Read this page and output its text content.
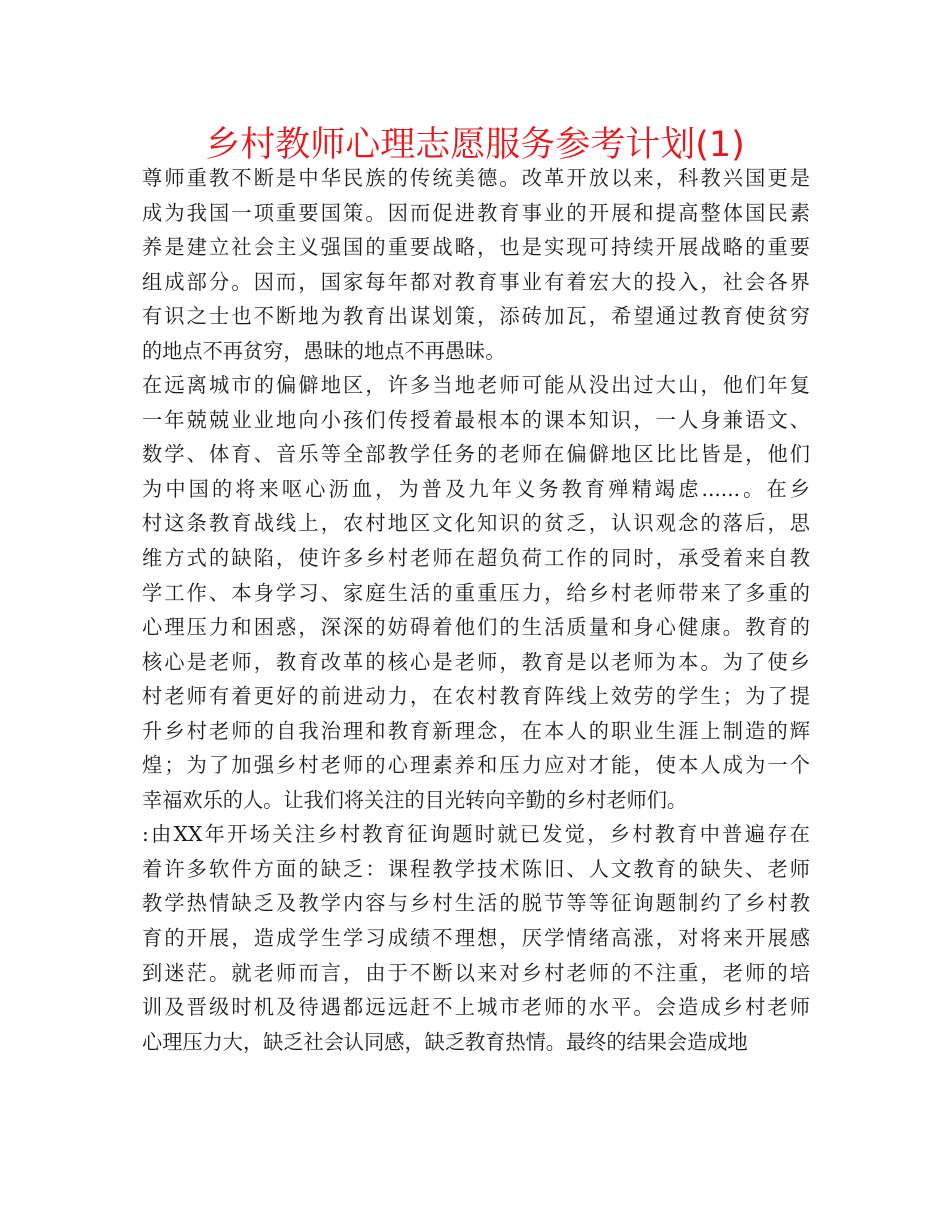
乡村教师心理志愿服务参考计划(1)
尊师重教不断是中华民族的传统美德。改革开放以来，科教兴国更是
成为我国一项重要国策。因而促进教育事业的开展和提高整体国民素
养是建立社会主义强国的重要战略，也是实现可持续开展战略的重要
组成部分。因而，国家每年都对教育事业有着宏大的投入，社会各界
有识之士也不断地为教育出谋划策，添砖加瓦，希望通过教育使贫穷
的地点不再贫穷，愚昧的地点不再愚昧。
在远离城市的偏僻地区，许多当地老师可能从没出过大山，他们年复
一年兢兢业业地向小孩们传授着最根本的课本知识，一人身兼语文、
数学、体育、音乐等全部教学任务的老师在偏僻地区比比皆是，他们
为中国的将来呕心沥血，为普及九年义务教育殚精竭虑......。在乡
村这条教育战线上，农村地区文化知识的贫乏，认识观念的落后，思
维方式的缺陷，使许多乡村老师在超负荷工作的同时，承受着来自教
学工作、本身学习、家庭生活的重重压力，给乡村老师带来了多重的
心理压力和困惑，深深的妨碍着他们的生活质量和身心健康。教育的
核心是老师，教育改革的核心是老师，教育是以老师为本。为了使乡
村老师有着更好的前进动力，在农村教育阵线上效劳的学生；为了提
升乡村老师的自我治理和教育新理念，在本人的职业生涯上制造的辉
煌；为了加强乡村老师的心理素养和压力应对才能，使本人成为一个
幸福欢乐的人。让我们将关注的目光转向辛勤的乡村老师们。
:由XX年开场关注乡村教育征询题时就已发觉，乡村教育中普遍存在
着许多软件方面的缺乏：课程教学技术陈旧、人文教育的缺失、老师
教学热情缺乏及教学内容与乡村生活的脱节等等征询题制约了乡村教
育的开展，造成学生学习成绩不理想，厌学情绪高涨，对将来开展感
到迷茫。就老师而言，由于不断以来对乡村老师的不注重，老师的培
训及晋级时机及待遇都远远赶不上城市老师的水平。会造成乡村老师
心理压力大，缺乏社会认同感，缺乏教育热情。最终的结果会造成地
